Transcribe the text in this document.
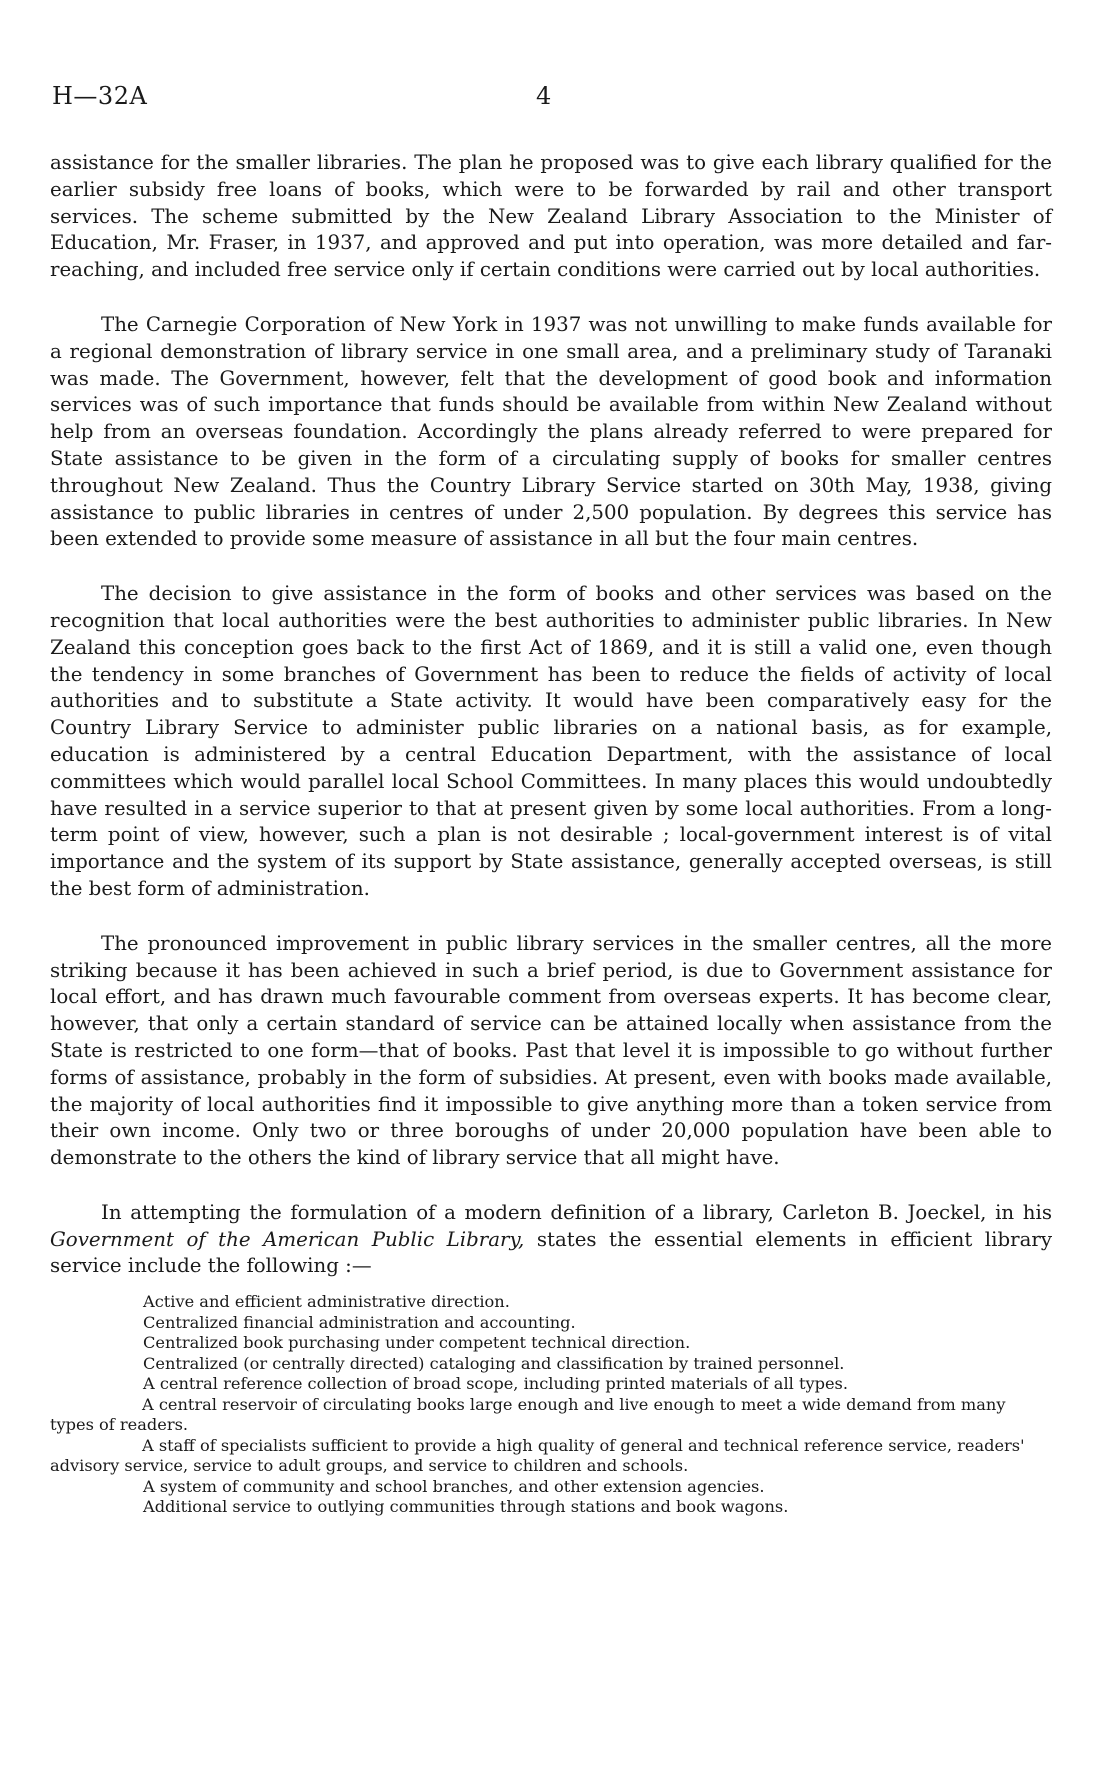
H—32A	4

assistance for the smaller libraries. The plan he proposed was to give each library qualified for the earlier subsidy free loans of books, which were to be forwarded by rail and other transport services. The scheme submitted by the New Zealand Library Association to the Minister of Education, Mr. Fraser, in 1937, and approved and put into operation, was more detailed and far-reaching, and included free service only if certain conditions were carried out by local authorities.

The Carnegie Corporation of New York in 1937 was not unwilling to make funds available for a regional demonstration of library service in one small area, and a preliminary study of Taranaki was made. The Government, however, felt that the development of good book and information services was of such importance that funds should be available from within New Zealand without help from an overseas foundation. Accordingly the plans already referred to were prepared for State assistance to be given in the form of a circulating supply of books for smaller centres throughout New Zealand. Thus the Country Library Service started on 30th May, 1938, giving assistance to public libraries in centres of under 2,500 population. By degrees this service has been extended to provide some measure of assistance in all but the four main centres.

The decision to give assistance in the form of books and other services was based on the recognition that local authorities were the best authorities to administer public libraries. In New Zealand this conception goes back to the first Act of 1869, and it is still a valid one, even though the tendency in some branches of Government has been to reduce the fields of activity of local authorities and to substitute a State activity. It would have been comparatively easy for the Country Library Service to administer public libraries on a national basis, as for example, education is administered by a central Education Department, with the assistance of local committees which would parallel local School Committees. In many places this would undoubtedly have resulted in a service superior to that at present given by some local authorities. From a long-term point of view, however, such a plan is not desirable ; local-government interest is of vital importance and the system of its support by State assistance, generally accepted overseas, is still the best form of administration.

The pronounced improvement in public library services in the smaller centres, all the more striking because it has been achieved in such a brief period, is due to Government assistance for local effort, and has drawn much favourable comment from overseas experts. It has become clear, however, that only a certain standard of service can be attained locally when assistance from the State is restricted to one form—that of books. Past that level it is impossible to go without further forms of assistance, probably in the form of subsidies. At present, even with books made available, the majority of local authorities find it impossible to give anything more than a token service from their own income. Only two or three boroughs of under 20,000 population have been able to demonstrate to the others the kind of library service that all might have.

In attempting the formulation of a modern definition of a library, Carleton B. Joeckel, in his Government of the American Public Library, states the essential elements in efficient library service include the following :—

Active and efficient administrative direction.
Centralized financial administration and accounting.
Centralized book purchasing under competent technical direction.
Centralized (or centrally directed) cataloging and classification by trained personnel.
A central reference collection of broad scope, including printed materials of all types.
A central reservoir of circulating books large enough and live enough to meet a wide demand from many types of readers.
A staff of specialists sufficient to provide a high quality of general and technical reference service, readers' advisory service, service to adult groups, and service to children and schools.
A system of community and school branches, and other extension agencies.
Additional service to outlying communities through stations and book wagons.
